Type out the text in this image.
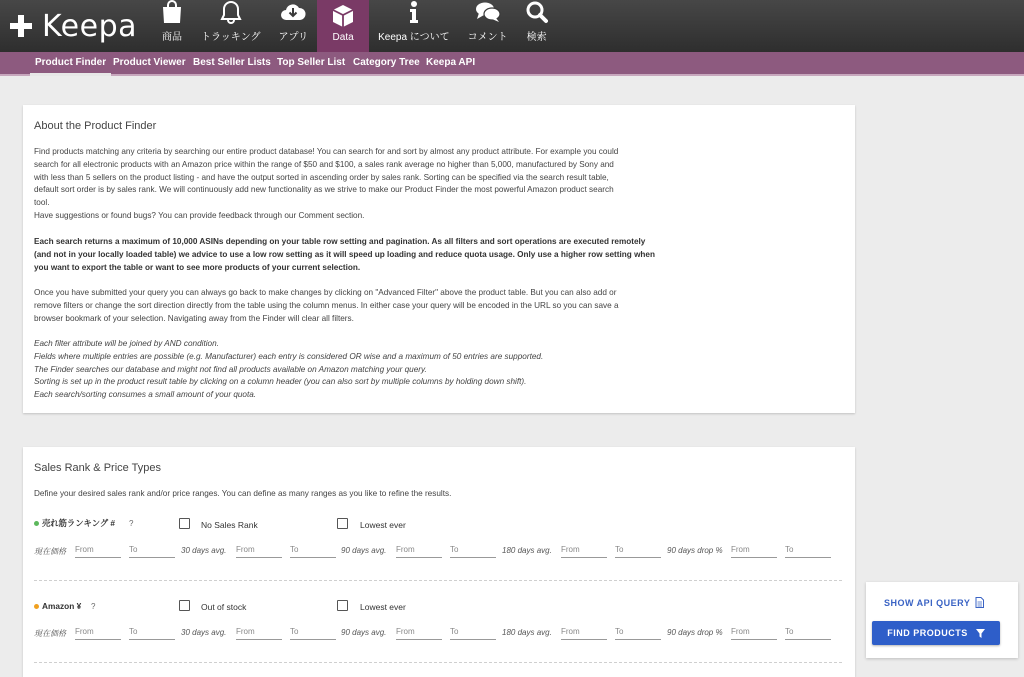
Keepa 商品 トラッキング アプリ Data Keepa について コメント 検索
Product Finder Product Viewer Best Seller Lists Top Seller List Category Tree Keepa API
About the Product Finder
Find products matching any criteria by searching our entire product database! You can search for and sort by almost any product attribute. For example you could
search for all electronic products with an Amazon price within the range of $50 and $100, a sales rank average no higher than 5,000, manufactured by Sony and
with less than 5 sellers on the product listing - and have the output sorted in ascending order by sales rank. Sorting can be specified via the search result table,
default sort order is by sales rank. We will continuously add new functionality as we strive to make our Product Finder the most powerful Amazon product search
tool.
Have suggestions or found bugs? You can provide feedback through our Comment section.
Each search returns a maximum of 10,000 ASINs depending on your table row setting and pagination. As all filters and sort operations are executed remotely
(and not in your locally loaded table) we advice to use a low row setting as it will speed up loading and reduce quota usage. Only use a higher row setting when
you want to export the table or want to see more products of your current selection.
Once you have submitted your query you can always go back to make changes by clicking on "Advanced Filter" above the product table. But you can also add or
remove filters or change the sort direction directly from the table using the column menus. In either case your query will be encoded in the URL so you can save a
browser bookmark of your selection. Navigating away from the Finder will clear all filters.
Each filter attribute will be joined by AND condition.
Fields where multiple entries are possible (e.g. Manufacturer) each entry is considered OR wise and a maximum of 50 entries are supported.
The Finder searches our database and might not find all products available on Amazon matching your query.
Sorting is set up in the product result table by clicking on a column header (you can also sort by multiple columns by holding down shift).
Each search/sorting consumes a small amount of your quota.
Sales Rank & Price Types
Define your desired sales rank and/or price ranges. You can define as many ranges as you like to refine the results.
売れ筋ランキング # ?	No Sales Rank	Lowest ever
現在価格 From	To	30 days avg. From	To	90 days avg. From	To	180 days avg. From	To	90 days drop % From	To
Amazon ¥ ?	Out of stock	Lowest ever
現在価格 From	To	30 days avg. From	To	90 days avg. From	To	180 days avg. From	To	90 days drop % From	To
SHOW API QUERY
FIND PRODUCTS
